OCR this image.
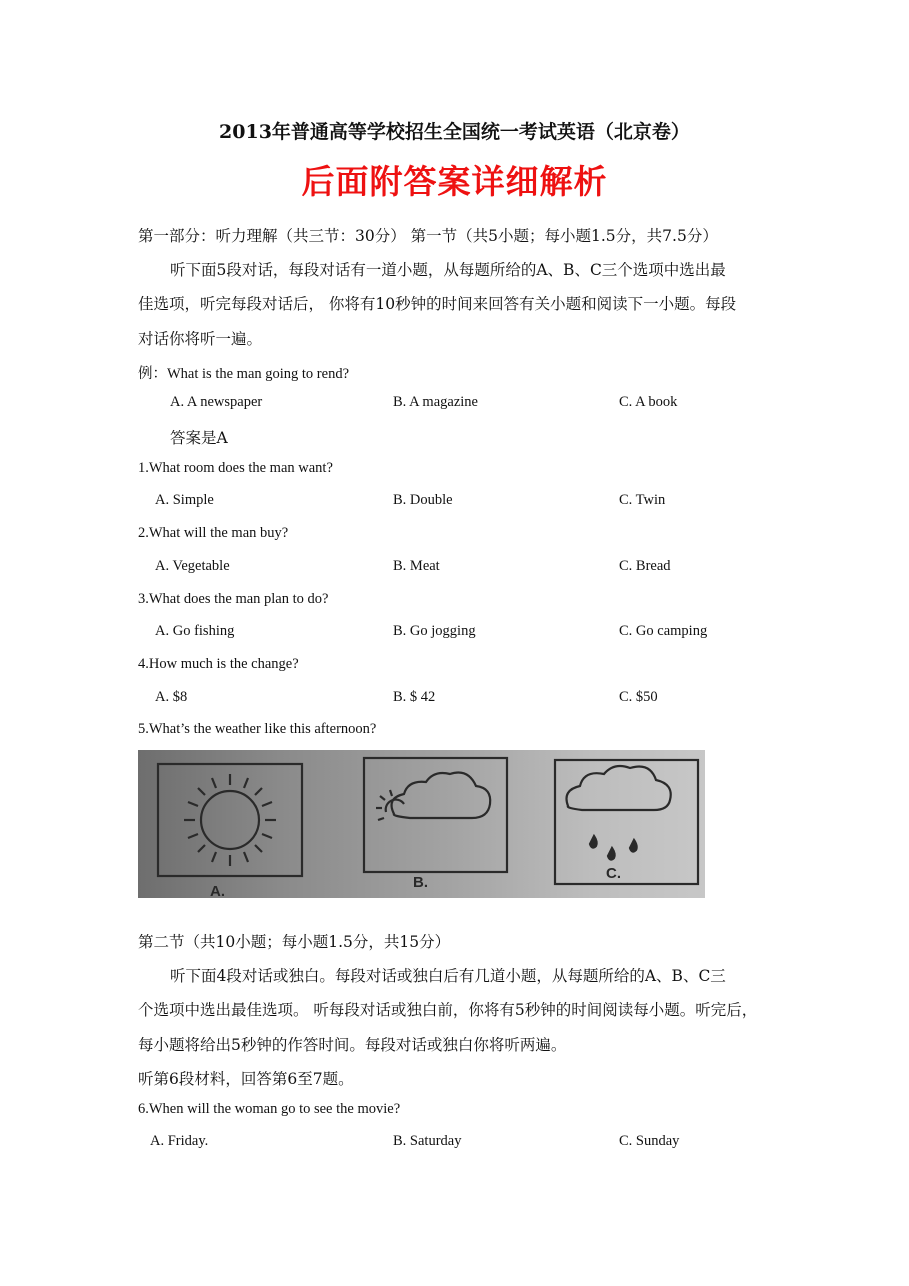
2013年普通高等学校招生全国统一考试英语（北京卷）
后面附答案详细解析
第一部分：听力理解（共三节：30分） 第一节（共5小题；每小题1.5分，共7.5分）
听下面5段对话，每段对话有一道小题，从每题所给的A、B、C三个选项中选出最
佳选项，听完每段对话后， 你将有10秒钟的时间来回答有关小题和阅读下一小题。每段
对话你将听一遍。
例：What is the man going to rend?
A. A newspaper	B. A magazine	C. A book
答案是A
1.What room does the man want?
A. Simple	B. Double	C. Twin
2.What will the man buy?
A. Vegetable	B. Meat	C. Bread
3.What does the man plan to do?
A. Go fishing	B. Go jogging	C. Go camping
4.How much is the change?
A. $8	B. $ 42	C. $50
5.What’s the weather like this afternoon?
A.
B.
C.
第二节（共10小题；每小题1.5分，共15分）
听下面4段对话或独白。每段对话或独白后有几道小题，从每题所给的A、B、C三
个选项中选出最佳选项。 听每段对话或独白前，你将有5秒钟的时间阅读每小题。听完后，
每小题将给出5秒钟的作答时间。每段对话或独白你将听两遍。
听第6段材料，回答第6至7题。
6.When will the woman go to see the movie?
A. Friday.	B. Saturday	C. Sunday
